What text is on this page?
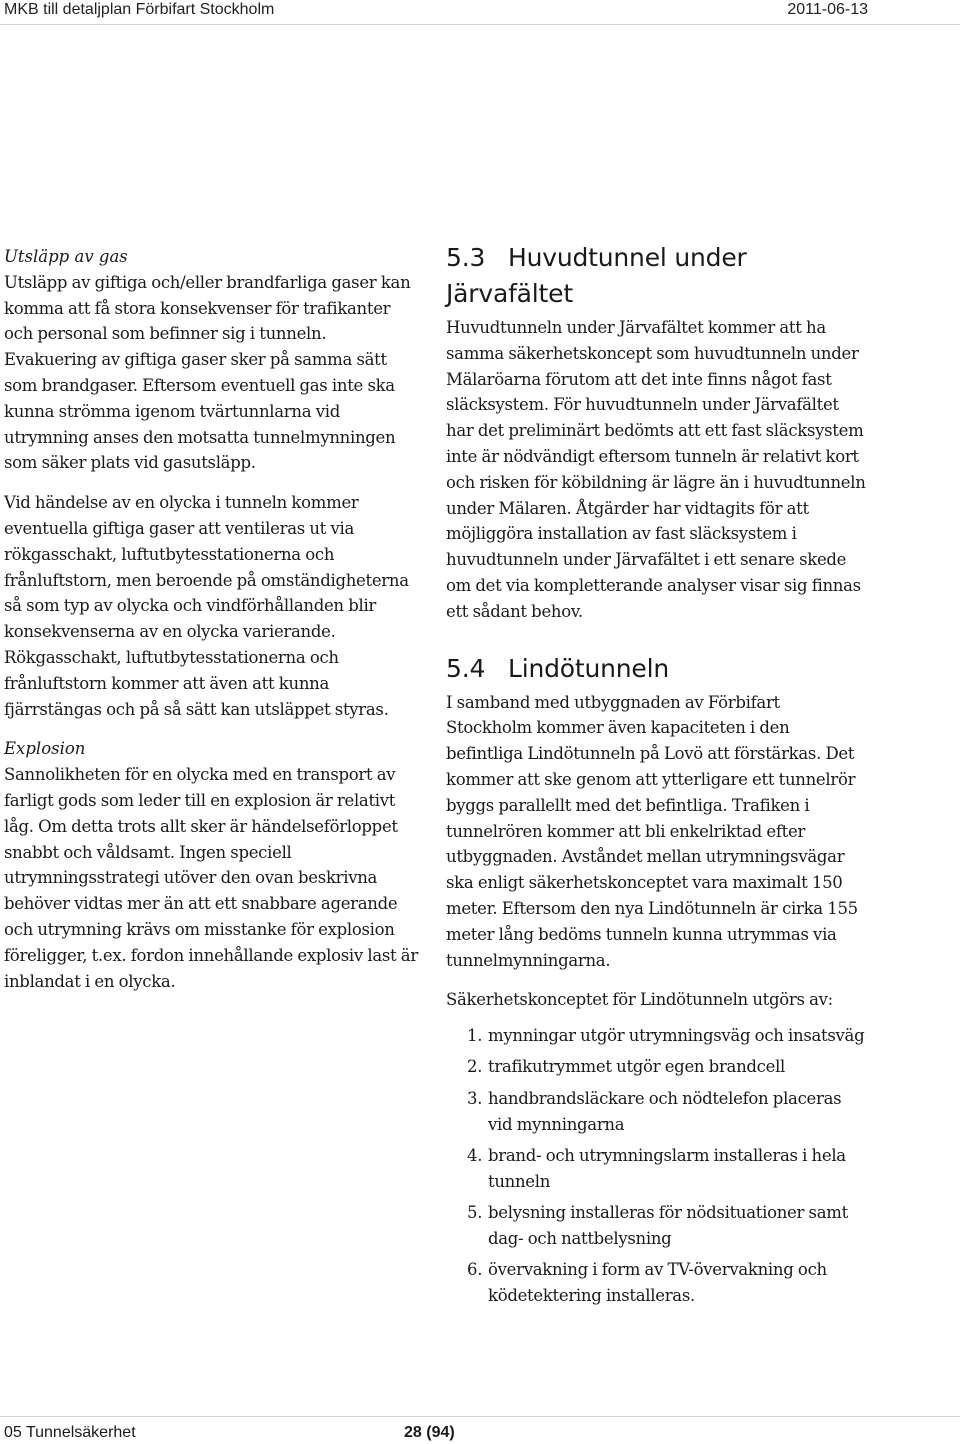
MKB till detaljplan Förbifart Stockholm	2011-06-13

Utsläpp av gas

Utsläpp av giftiga och/eller brandfarliga gaser kan komma att få stora konsekvenser för trafikanter och personal som befinner sig i tunneln. Evakuering av giftiga gaser sker på samma sätt som brandgaser. Eftersom eventuell gas inte ska kunna strömma igenom tvärtunnlarna vid utrymning anses den motsatta tunnelmynningen som säker plats vid gasutsläpp.

Vid händelse av en olycka i tunneln kommer eventuella giftiga gaser att ventileras ut via rökgasschakt, luftutbytesstationerna och frånluftstorn, men beroende på omständigheterna så som typ av olycka och vindförhållanden blir konsekvenserna av en olycka varierande. Rökgasschakt, luftutbytesstationerna och frånluftstorn kommer att även att kunna fjärrstängas och på så sätt kan utsläppet styras.

Explosion

Sannolikheten för en olycka med en transport av farligt gods som leder till en explosion är relativt låg. Om detta trots allt sker är händelseförloppet snabbt och våldsamt. Ingen speciell utrymningsstrategi utöver den ovan beskrivna behöver vidtas mer än att ett snabbare agerande och utrymning krävs om misstanke för explosion föreligger, t.ex. fordon innehållande explosiv last är inblandat i en olycka.

5.3 Huvudtunnel under Järvafältet

Huvudtunneln under Järvafältet kommer att ha samma säkerhetskoncept som huvudtunneln under Mälaröarna förutom att det inte finns något fast släcksystem. För huvudtunneln under Järvafältet har det preliminärt bedömts att ett fast släcksystem inte är nödvändigt eftersom tunneln är relativt kort och risken för köbildning är lägre än i huvudtunneln under Mälaren. Åtgärder har vidtagits för att möjliggöra installation av fast släcksystem i huvudtunneln under Järvafältet i ett senare skede om det via kompletterande analyser visar sig finnas ett sådant behov.

5.4 Lindötunneln

I samband med utbyggnaden av Förbifart Stockholm kommer även kapaciteten i den befintliga Lindötunneln på Lovö att förstärkas. Det kommer att ske genom att ytterligare ett tunnelrör byggs parallellt med det befintliga. Trafiken i tunnelrören kommer att bli enkelriktad efter utbyggnaden. Avståndet mellan utrymningsvägar ska enligt säkerhetskonceptet vara maximalt 150 meter. Eftersom den nya Lindötunneln är cirka 155 meter lång bedöms tunneln kunna utrymmas via tunnelmynningarna.

Säkerhetskonceptet för Lindötunneln utgörs av:

1. mynningar utgör utrymningsväg och insatsväg
2. trafikutrymmet utgör egen brandcell
3. handbrandsläckare och nödtelefon placeras vid mynningarna
4. brand- och utrymningslarm installeras i hela tunneln
5. belysning installeras för nödsituationer samt dag- och nattbelysning
6. övervakning i form av TV-övervakning och ködetektering installeras.
05 Tunnelsäkerhet	28 (94)
